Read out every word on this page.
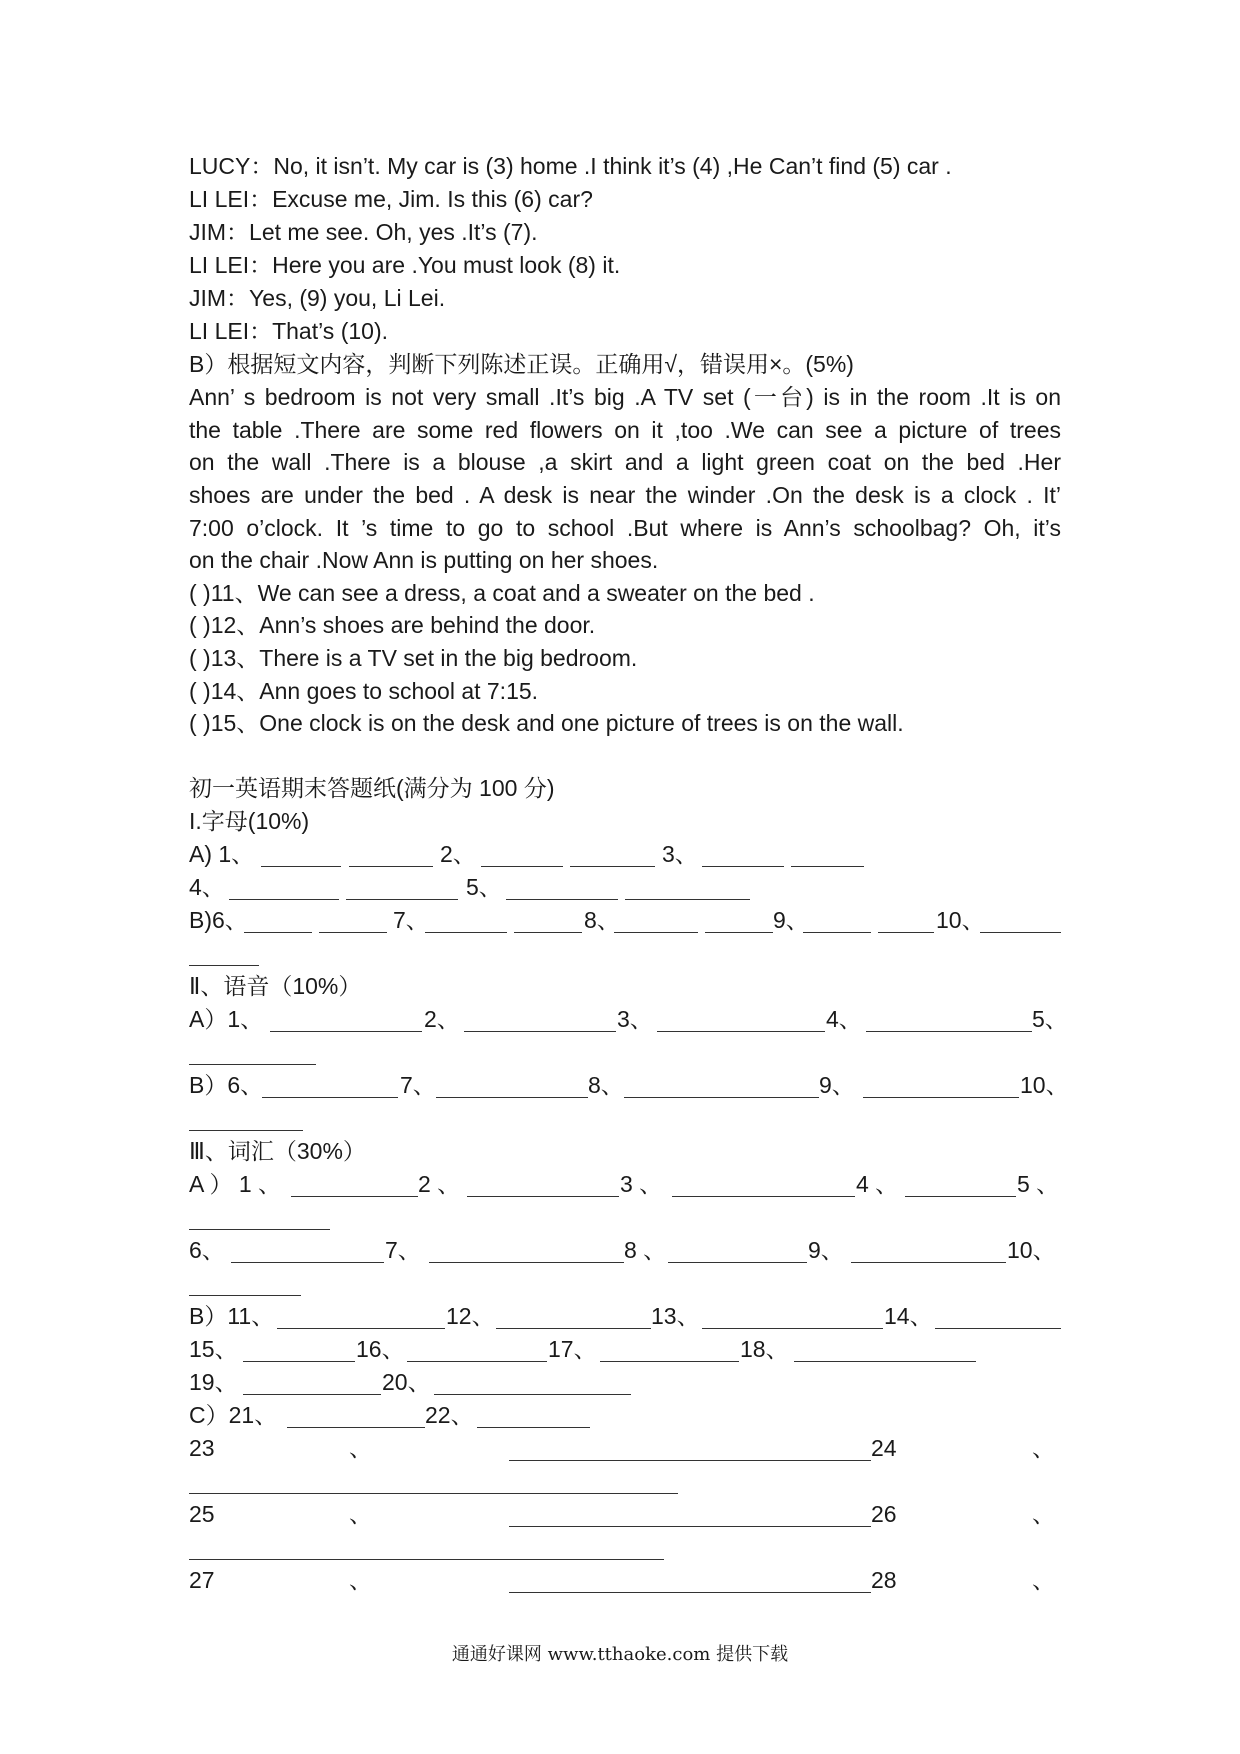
LUCY：No, it isn’t. My car is (3) home .I think it’s (4) ,He Can’t find (5) car .
LI LEI：Excuse me, Jim. Is this (6) car?
JIM：Let me see. Oh, yes .It’s (7).
LI LEI：Here you are .You must look (8) it.
JIM：Yes, (9) you, Li Lei.
LI LEI：That’s (10).
B）根据短文内容，判断下列陈述正误。正确用√，错误用×。(5%)
Ann’ s bedroom is not very small .It’s big .A TV set (一台) is in the room .It is on
the table .There are some red flowers on it ,too .We can see a picture of trees
on the wall .There is a blouse ,a skirt and a light green coat on the bed .Her
shoes are under the bed . A desk is near the winder .On the desk is a clock . It’
7:00 o’clock. It ’s time to go to school .But where is Ann’s schoolbag? Oh, it’s
on the chair .Now Ann is putting on her shoes.
( )11、We can see a dress, a coat and a sweater on the bed .
( )12、Ann’s shoes are behind the door.
( )13、There is a TV set in the big bedroom.
( )14、Ann goes to school at 7:15.
( )15、One clock is on the desk and one picture of trees is on the wall.
初一英语期末答题纸(满分为 100 分)
I.字母(10%)
A) 1、	2、	3、
4、	5、
B)6、	7、	8、	9、	10、
Ⅱ、语音（10%）
A）1、	2、	3、	4、	5、
B）6、	7、	8、	9、	10、
Ⅲ、词汇（30%）
A ） 1 、	2 、	3 、	4 、	5 、
6、	7、	8 、	9、	10、
B）11、	12、	13、	14、
15、	16、	17、	18、
19、	20、
C）21、	22、
23	、	24	、
25	、	26	、
27	、	28	、
通通好课网 www.tthaoke.com 提供下载
